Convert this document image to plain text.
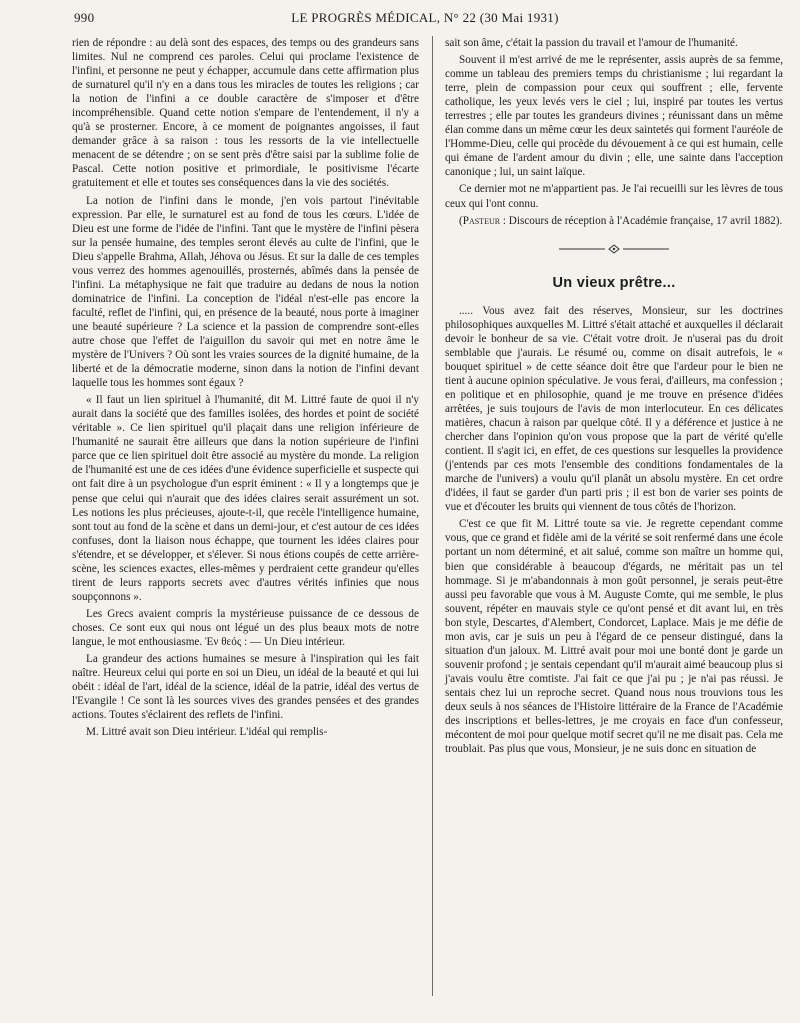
990	LE PROGRÈS MÉDICAL, N° 22 (30 Mai 1931)

rien de répondre : au delà sont des espaces, des temps ou des grandeurs sans limites. Nul ne comprend ces paroles. Celui qui proclame l'existence de l'infini, et personne ne peut y échapper, accumule dans cette affirmation plus de surnaturel qu'il n'y en a dans tous les miracles de toutes les religions ; car la notion de l'infini a ce double caractère de s'imposer et d'être incompréhensible. Quand cette notion s'empare de l'entendement, il n'y a qu'à se prosterner. Encore, à ce moment de poignantes angoisses, il faut demander grâce à sa raison : tous les ressorts de la vie intellectuelle menacent de se détendre ; on se sent près d'être saisi par la sublime folie de Pascal. Cette notion positive et primordiale, le positivisme l'écarte gratuitement et elle et toutes ses conséquences dans la vie des sociétés.

La notion de l'infini dans le monde, j'en vois partout l'inévitable expression. Par elle, le surnaturel est au fond de tous les cœurs. L'idée de Dieu est une forme de l'idée de l'infini. Tant que le mystère de l'infini pèsera sur la pensée humaine, des temples seront élevés au culte de l'infini, que le Dieu s'appelle Brahma, Allah, Jéhova ou Jésus. Et sur la dalle de ces temples vous verrez des hommes agenouillés, prosternés, abîmés dans la pensée de l'infini. La métaphysique ne fait que traduire au dedans de nous la notion dominatrice de l'infini. La conception de l'idéal n'est-elle pas encore la faculté, reflet de l'infini, qui, en présence de la beauté, nous porte à imaginer une beauté supérieure ? La science et la passion de comprendre sont-elles autre chose que l'effet de l'aiguillon du savoir qui met en notre âme le mystère de l'Univers ? Où sont les vraies sources de la dignité humaine, de la liberté et de la démocratie moderne, sinon dans la notion de l'infini devant laquelle tous les hommes sont égaux ?

« Il faut un lien spirituel à l'humanité, dit M. Littré faute de quoi il n'y aurait dans la société que des familles isolées, des hordes et point de société véritable ». Ce lien spirituel qu'il plaçait dans une religion inférieure de l'humanité ne saurait être ailleurs que dans la notion supérieure de l'infini parce que ce lien spirituel doit être associé au mystère du monde. La religion de l'humanité est une de ces idées d'une évidence superficielle et suspecte qui ont fait dire à un psychologue d'un esprit éminent : « Il y a longtemps que je pense que celui qui n'aurait que des idées claires serait assurément un sot. Les notions les plus précieuses, ajoute-t-il, que recèle l'intelligence humaine, sont tout au fond de la scène et dans un demi-jour, et c'est autour de ces idées confuses, dont la liaison nous échappe, que tournent les idées claires pour s'étendre, et se développer, et s'élever. Si nous étions coupés de cette arrière-scène, les sciences exactes, elles-mêmes y perdraient cette grandeur qu'elles tirent de leurs rapports secrets avec d'autres vérités infinies que nous soupçonnons ».

Les Grecs avaient compris la mystérieuse puissance de ce dessous de choses. Ce sont eux qui nous ont légué un des plus beaux mots de notre langue, le mot enthousiasme. Ἐν θεός : — Un Dieu intérieur.

La grandeur des actions humaines se mesure à l'inspiration qui les fait naître. Heureux celui qui porte en soi un Dieu, un idéal de la beauté et qui lui obéit : idéal de l'art, idéal de la science, idéal de la patrie, idéal des vertus de l'Evangile ! Ce sont là les sources vives des grandes pensées et des grandes actions. Toutes s'éclairent des reflets de l'infini.

M. Littré avait son Dieu intérieur. L'idéal qui remplis-

sait son âme, c'était la passion du travail et l'amour de l'humanité.

Souvent il m'est arrivé de me le représenter, assis auprès de sa femme, comme un tableau des premiers temps du christianisme ; lui regardant la terre, plein de compassion pour ceux qui souffrent ; elle, fervente catholique, les yeux levés vers le ciel ; lui, inspiré par toutes les vertus terrestres ; elle par toutes les grandeurs divines ; réunissant dans un même élan comme dans un même cœur les deux saintetés qui forment l'auréole de l'Homme-Dieu, celle qui procède du dévouement à ce qui est humain, celle qui émane de l'ardent amour du divin ; elle, une sainte dans l'acception canonique ; lui, un saint laïque.

Ce dernier mot ne m'appartient pas. Je l'ai recueilli sur les lèvres de tous ceux qui l'ont connu.

(Pasteur : Discours de réception à l'Académie française, 17 avril 1882).

Un vieux prêtre...

..... Vous avez fait des réserves, Monsieur, sur les doctrines philosophiques auxquelles M. Littré s'était attaché et auxquelles il déclarait devoir le bonheur de sa vie. C'était votre droit. Je n'userai pas du droit semblable que j'aurais. Le résumé ou, comme on disait autrefois, le « bouquet spirituel » de cette séance doit être que l'ardeur pour le bien ne tient à aucune opinion spéculative. Je vous ferai, d'ailleurs, ma confession ; en politique et en philosophie, quand je me trouve en présence d'idées arrêtées, je suis toujours de l'avis de mon interlocuteur. En ces délicates matières, chacun à raison par quelque côté. Il y a déférence et justice à ne chercher dans l'opinion qu'on vous propose que la part de vérité qu'elle contient. Il s'agit ici, en effet, de ces questions sur lesquelles la providence (j'entends par ces mots l'ensemble des conditions fondamentales de la marche de l'univers) a voulu qu'il planât un absolu mystère. En cet ordre d'idées, il faut se garder d'un parti pris ; il est bon de varier ses points de vue et d'écouter les bruits qui viennent de tous côtés de l'horizon.

C'est ce que fit M. Littré toute sa vie. Je regrette cependant comme vous, que ce grand et fidèle ami de la vérité se soit renfermé dans une école portant un nom déterminé, et ait salué, comme son maître un homme qui, bien que considérable à beaucoup d'égards, ne méritait pas un tel hommage. Si je m'abandonnais à mon goût personnel, je serais peut-être aussi peu favorable que vous à M. Auguste Comte, qui me semble, le plus souvent, répéter en mauvais style ce qu'ont pensé et dit avant lui, en très bon style, Descartes, d'Alembert, Condorcet, Laplace. Mais je me défie de mon avis, car je suis un peu à l'égard de ce penseur distingué, dans la situation d'un jaloux. M. Littré avait pour moi une bonté dont je garde un souvenir profond ; je sentais cependant qu'il m'aurait aimé beaucoup plus si j'avais voulu être comtiste. J'ai fait ce que j'ai pu ; je n'ai pas réussi. Je sentais chez lui un reproche secret. Quand nous nous trouvions tous les deux seuls à nos séances de l'Histoire littéraire de la France de l'Académie des inscriptions et belles-lettres, je me croyais en face d'un confesseur, mécontent de moi pour quelque motif secret qu'il ne me disait pas. Cela me troublait. Pas plus que vous, Monsieur, je ne suis donc en situation de
